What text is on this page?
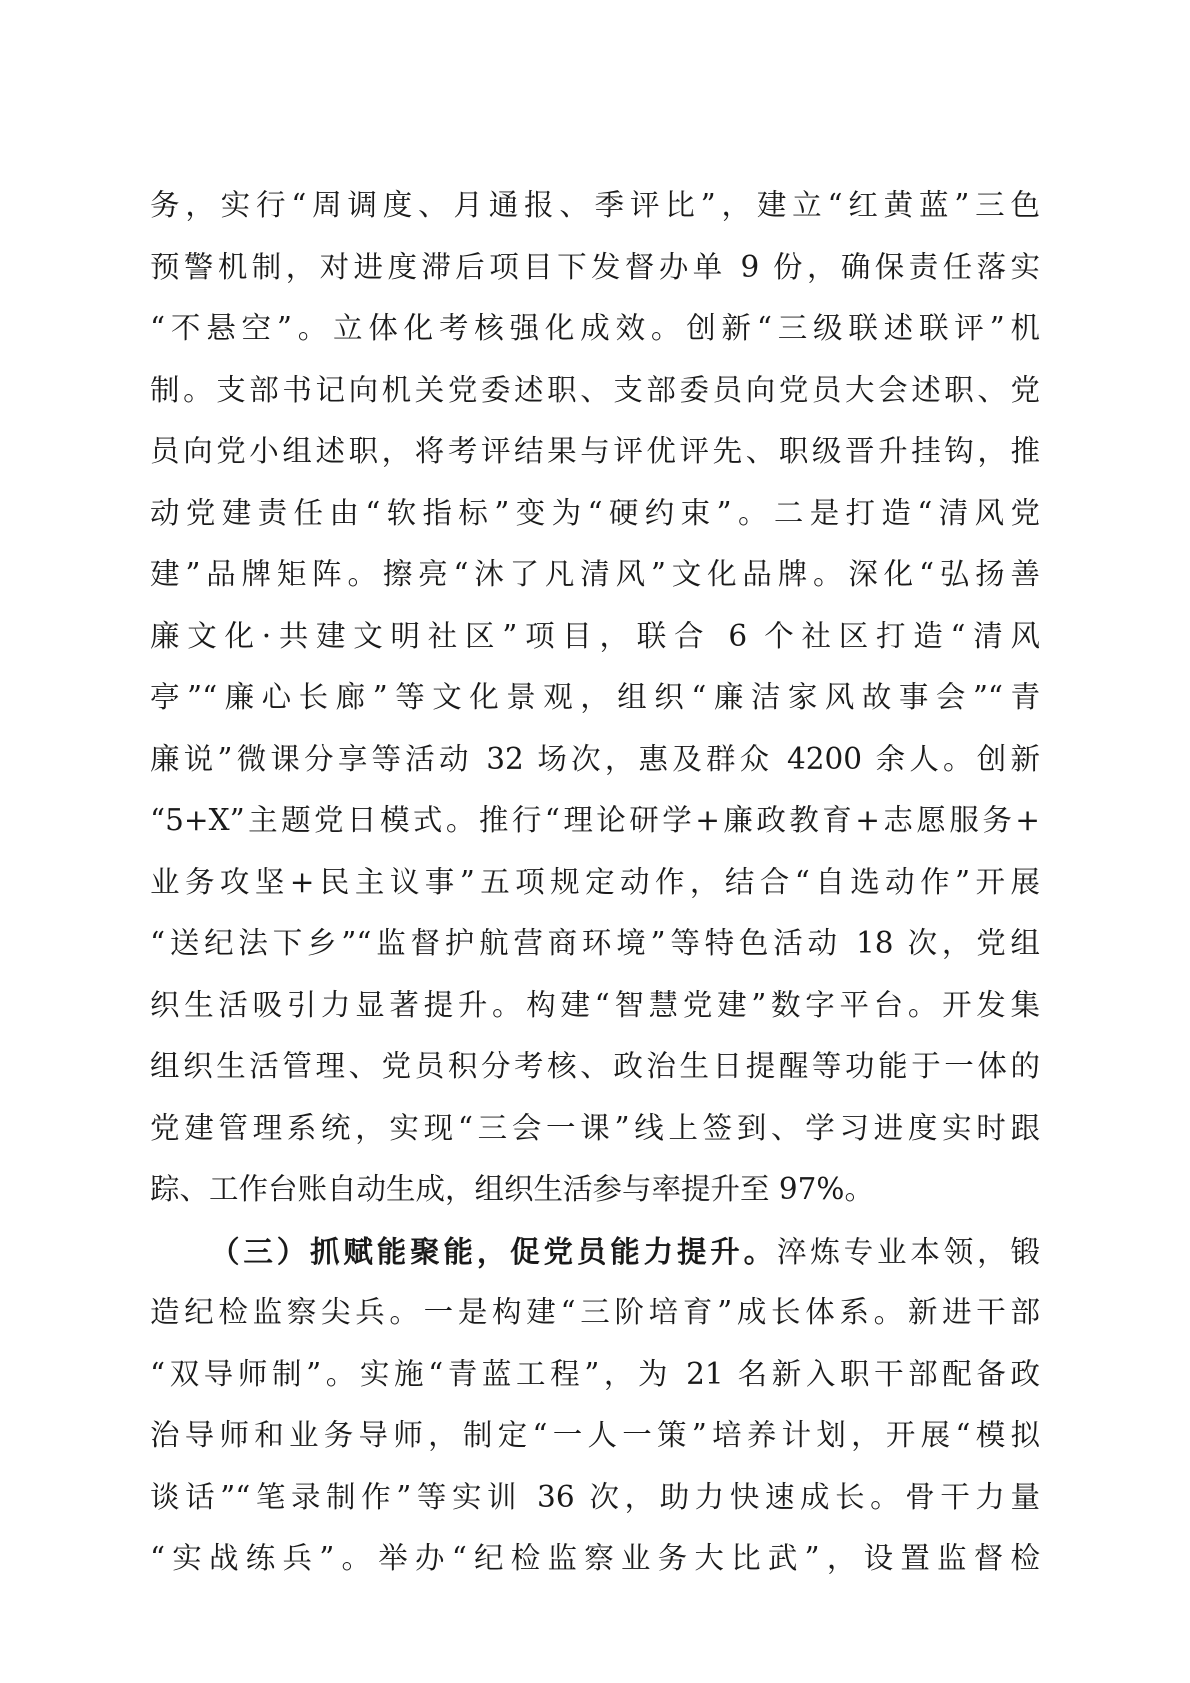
务，实行“周调度、月通报、季评比”，建立“红黄蓝”三色
预警机制，对进度滞后项目下发督办单 9 份，确保责任落实
“不悬空”。立体化考核强化成效。创新“三级联述联评”机
制。支部书记向机关党委述职、支部委员向党员大会述职、党
员向党小组述职，将考评结果与评优评先、职级晋升挂钩，推
动党建责任由“软指标”变为“硬约束”。二是打造“清风党
建”品牌矩阵。擦亮“沐了凡清风”文化品牌。深化“弘扬善
廉文化·共建文明社区”项目，联合 6 个社区打造“清风
亭”“廉心长廊”等文化景观，组织“廉洁家风故事会”“青
廉说”微课分享等活动 32 场次，惠及群众 4200 余人。创新
“5+X”主题党日模式。推行“理论研学+廉政教育+志愿服务+
业务攻坚+民主议事”五项规定动作，结合“自选动作”开展
“送纪法下乡”“监督护航营商环境”等特色活动 18 次，党组
织生活吸引力显著提升。构建“智慧党建”数字平台。开发集
组织生活管理、党员积分考核、政治生日提醒等功能于一体的
党建管理系统，实现“三会一课”线上签到、学习进度实时跟
踪、工作台账自动生成，组织生活参与率提升至 97%。
（三）抓赋能聚能，促党员能力提升。淬炼专业本领，锻
造纪检监察尖兵。一是构建“三阶培育”成长体系。新进干部
“双导师制”。实施“青蓝工程”，为 21 名新入职干部配备政
治导师和业务导师，制定“一人一策”培养计划，开展“模拟
谈话”“笔录制作”等实训 36 次，助力快速成长。骨干力量
“实战练兵”。举办“纪检监察业务大比武”，设置监督检
